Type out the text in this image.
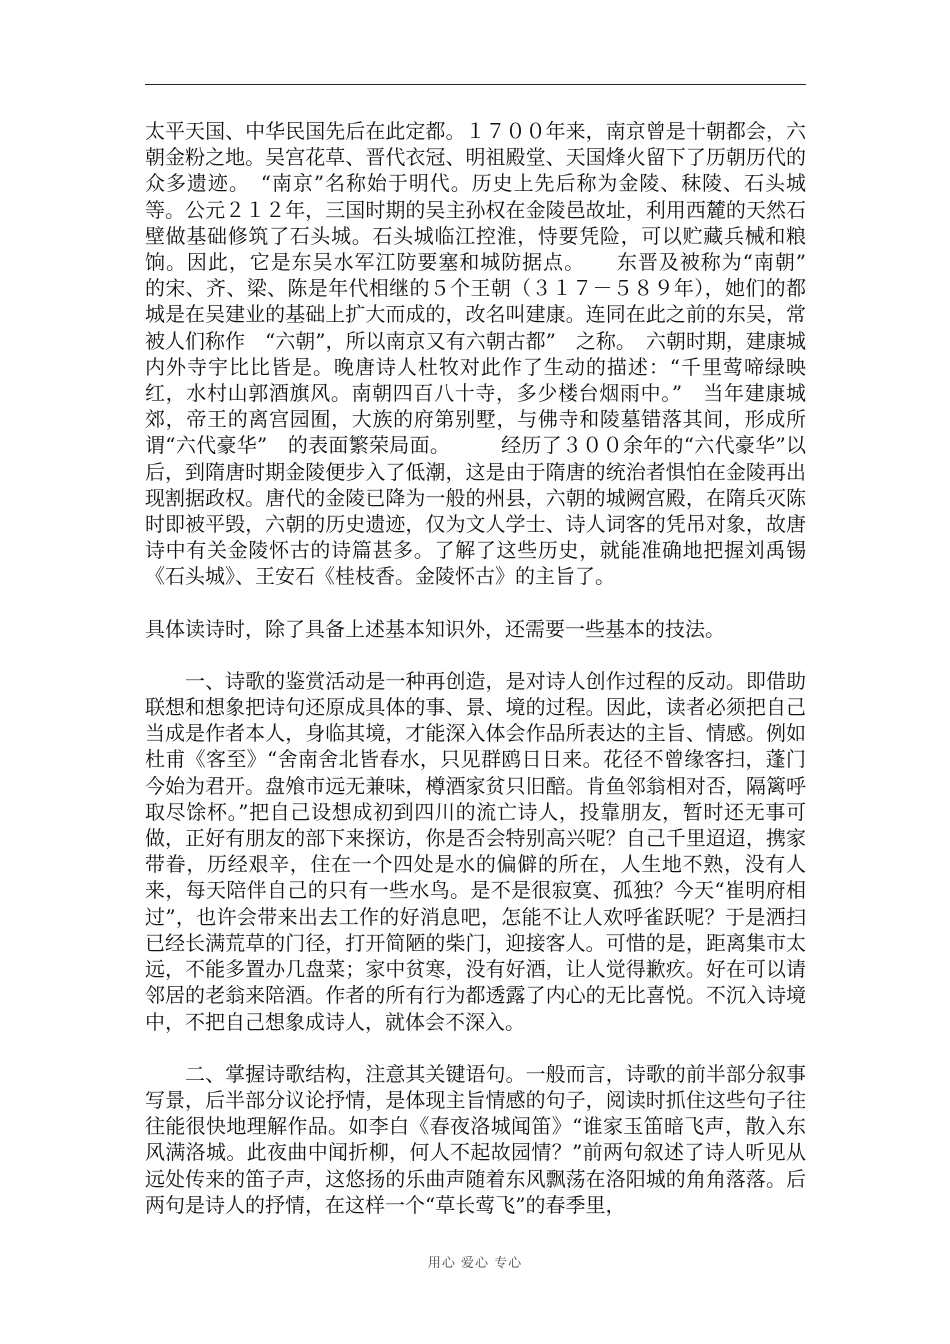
太平天国、中华民国先后在此定都。１７００年来，南京曾是十朝都会，六朝金粉之地。吴宫花草、晋代衣冠、明祖殿堂、天国烽火留下了历朝历代的众多遗迹。　“南京”名称始于明代。历史上先后称为金陵、秣陵、石头城等。公元２１２年，三国时期的吴主孙权在金陵邑故址，利用西麓的天然石壁做基础修筑了石头城。石头城临江控淮，恃要凭险，可以贮藏兵械和粮饷。因此，它是东吴水军江防要塞和城防据点。　　东晋及被称为“南朝”　的宋、齐、梁、陈是年代相继的５个王朝（３１７－５８９年），她们的都城是在吴建业的基础上扩大而成的，改名叫建康。连同在此之前的东吴，常被人们称作　“六朝”，所以南京又有六朝古都”　之称。　六朝时期，建康城内外寺宇比比皆是。晚唐诗人杜牧对此作了生动的描述：“千里莺啼绿映红，水村山郭酒旗风。南朝四百八十寺，多少楼台烟雨中。”　当年建康城郊，帝王的离宫园囿，大族的府第别墅，与佛寺和陵墓错落其间，形成所谓“六代豪华”　的表面繁荣局面。　　　经历了３００余年的“六代豪华”以后，到隋唐时期金陵便步入了低潮，这是由于隋唐的统治者惧怕在金陵再出现割据政权。唐代的金陵已降为一般的州县，六朝的城阙宫殿，在隋兵灭陈时即被平毁，六朝的历史遗迹，仅为文人学士、诗人词客的凭吊对象，故唐诗中有关金陵怀古的诗篇甚多。了解了这些历史，就能准确地把握刘禹锡《石头城》、王安石《桂枝香。金陵怀古》的主旨了。

具体读诗时，除了具备上述基本知识外，还需要一些基本的技法。

　　一、诗歌的鉴赏活动是一种再创造，是对诗人创作过程的反动。即借助联想和想象把诗句还原成具体的事、景、境的过程。因此，读者必须把自己当成是作者本人，身临其境，才能深入体会作品所表达的主旨、情感。例如杜甫《客至》“舍南舍北皆春水，只见群鸥日日来。花径不曾缘客扫，蓬门今始为君开。盘飧市远无兼味，樽酒家贫只旧醅。肯鱼邻翁相对否，隔篱呼取尽馀杯。”把自己设想成初到四川的流亡诗人，投靠朋友，暂时还无事可做，正好有朋友的部下来探访，你是否会特别高兴呢？自己千里迢迢，携家带眷，历经艰辛，住在一个四处是水的偏僻的所在，人生地不熟，没有人来，每天陪伴自己的只有一些水鸟。是不是很寂寞、孤独？今天“崔明府相过”，也许会带来出去工作的好消息吧，怎能不让人欢呼雀跃呢？于是洒扫已经长满荒草的门径，打开简陋的柴门，迎接客人。可惜的是，距离集市太远，不能多置办几盘菜；家中贫寒，没有好酒，让人觉得歉疚。好在可以请邻居的老翁来陪酒。作者的所有行为都透露了内心的无比喜悦。不沉入诗境中，不把自己想象成诗人，就体会不深入。

　　二、掌握诗歌结构，注意其关键语句。一般而言，诗歌的前半部分叙事写景，后半部分议论抒情，是体现主旨情感的句子，阅读时抓住这些句子往往能很快地理解作品。如李白《春夜洛城闻笛》“谁家玉笛暗飞声，散入东风满洛城。此夜曲中闻折柳，何人不起故园情？”前两句叙述了诗人听见从远处传来的笛子声，这悠扬的乐曲声随着东风飘荡在洛阳城的角角落落。后两句是诗人的抒情，在这样一个“草长莺飞”的春季里，

用心 爱心 专心
